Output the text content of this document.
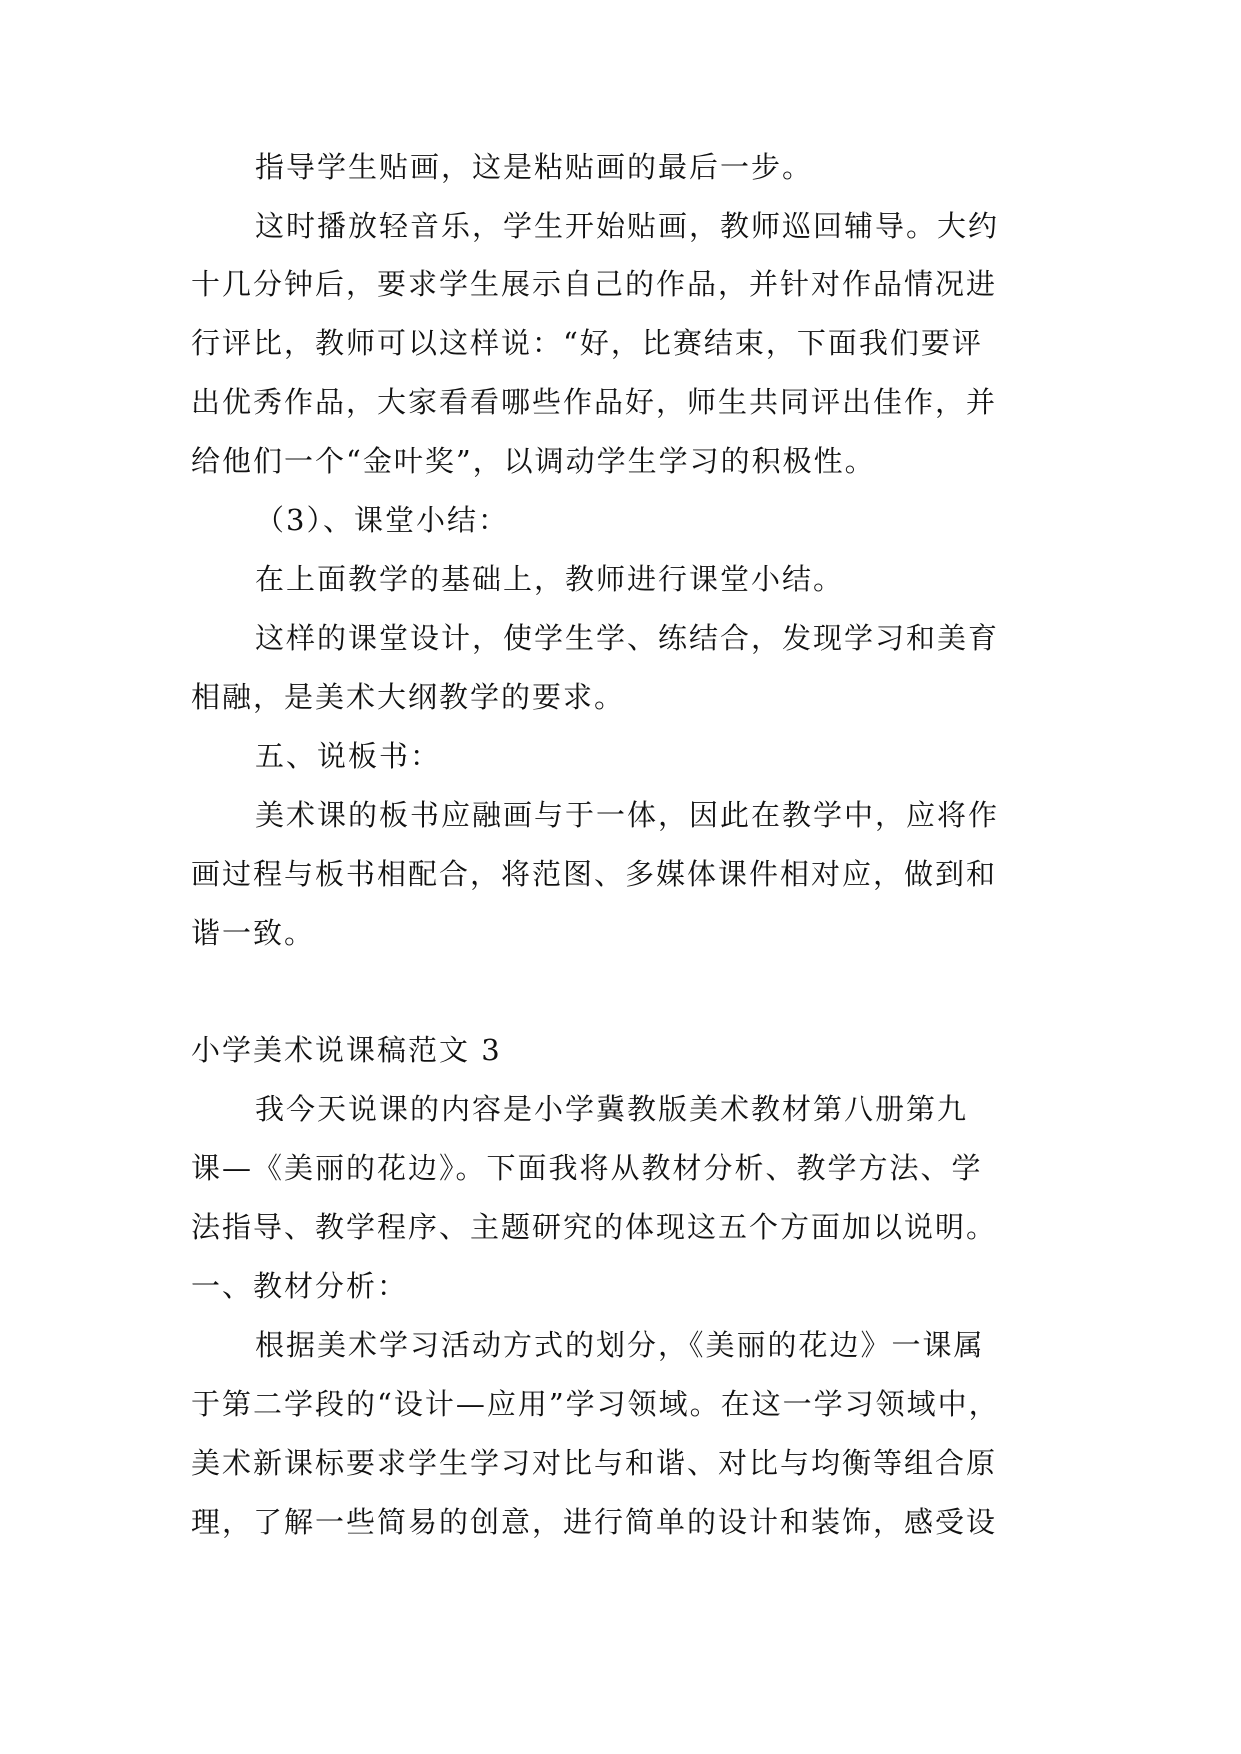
指导学生贴画，这是粘贴画的最后一步。
这时播放轻音乐，学生开始贴画，教师巡回辅导。大约
十几分钟后，要求学生展示自己的作品，并针对作品情况进
行评比，教师可以这样说：“好，比赛结束，下面我们要评
出优秀作品，大家看看哪些作品好，师生共同评出佳作，并
给他们一个“金叶奖”，以调动学生学习的积极性。
（3）、课堂小结：
在上面教学的基础上，教师进行课堂小结。
这样的课堂设计，使学生学、练结合，发现学习和美育
相融，是美术大纲教学的要求。
五、说板书：
美术课的板书应融画与于一体，因此在教学中，应将作
画过程与板书相配合，将范图、多媒体课件相对应，做到和
谐一致。
小学美术说课稿范文 3
我今天说课的内容是小学冀教版美术教材第八册第九
课—《美丽的花边》。下面我将从教材分析、教学方法、学
法指导、教学程序、主题研究的体现这五个方面加以说明。
一、教材分析：
根据美术学习活动方式的划分，《美丽的花边》一课属
于第二学段的“设计—应用”学习领域。在这一学习领域中，
美术新课标要求学生学习对比与和谐、对比与均衡等组合原
理，了解一些简易的创意，进行简单的设计和装饰，感受设
